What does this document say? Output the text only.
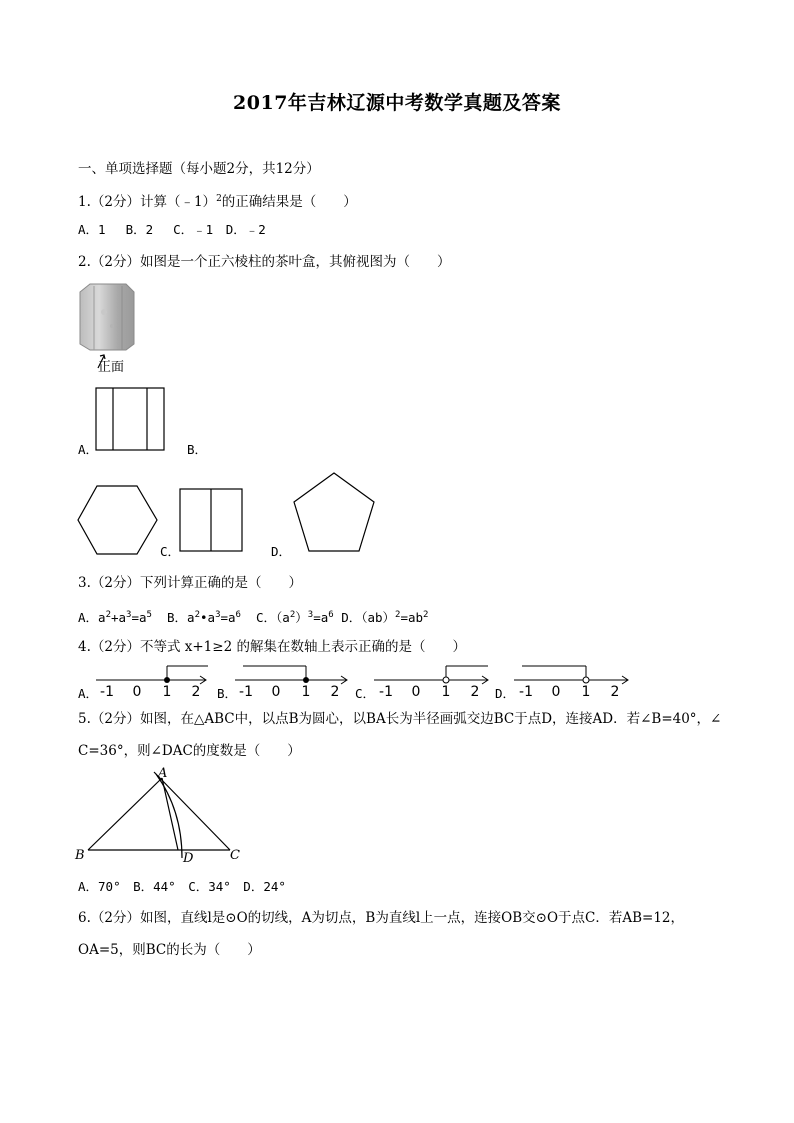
2017年吉林辽源中考数学真题及答案
一、单项选择题（每小题2分，共12分）
1.（2分）计算（﹣1）$^2$的正确结果是（　　）
A．1　 B．2　 C．﹣1　D．﹣2
2.（2分）如图是一个正六棱柱的茶叶盒，其俯视图为（　　）
正面
A．	B．
C．	D．
3.（2分）下列计算正确的是（　　）
A．$a^2+a^3=a^5$ B．$a^2•a^3=a^6$ C．$(a^2)^3=a^6$ D．$(ab)^2=ab^2$
4.（2分）不等式 x+1≥2 的解集在数轴上表示正确的是（　　）
-1 0 1 2
A．	-1 0 1 2
B．	-1 0 1 2
C．	-1 0 1 2
D．
5.（2分）如图，在△ABC中，以点B为圆心，以BA长为半径画弧交边BC于点D，连接AD．若∠B=40°，∠
C=36°，则∠DAC的度数是（　　）
A
B	D	C
A．70°　B．44°　C．34°　D．24°
6.（2分）如图，直线l是⊙O的切线，A为切点，B为直线l上一点，连接OB交⊙O于点C．若AB=12，
OA=5，则BC的长为（　　）
